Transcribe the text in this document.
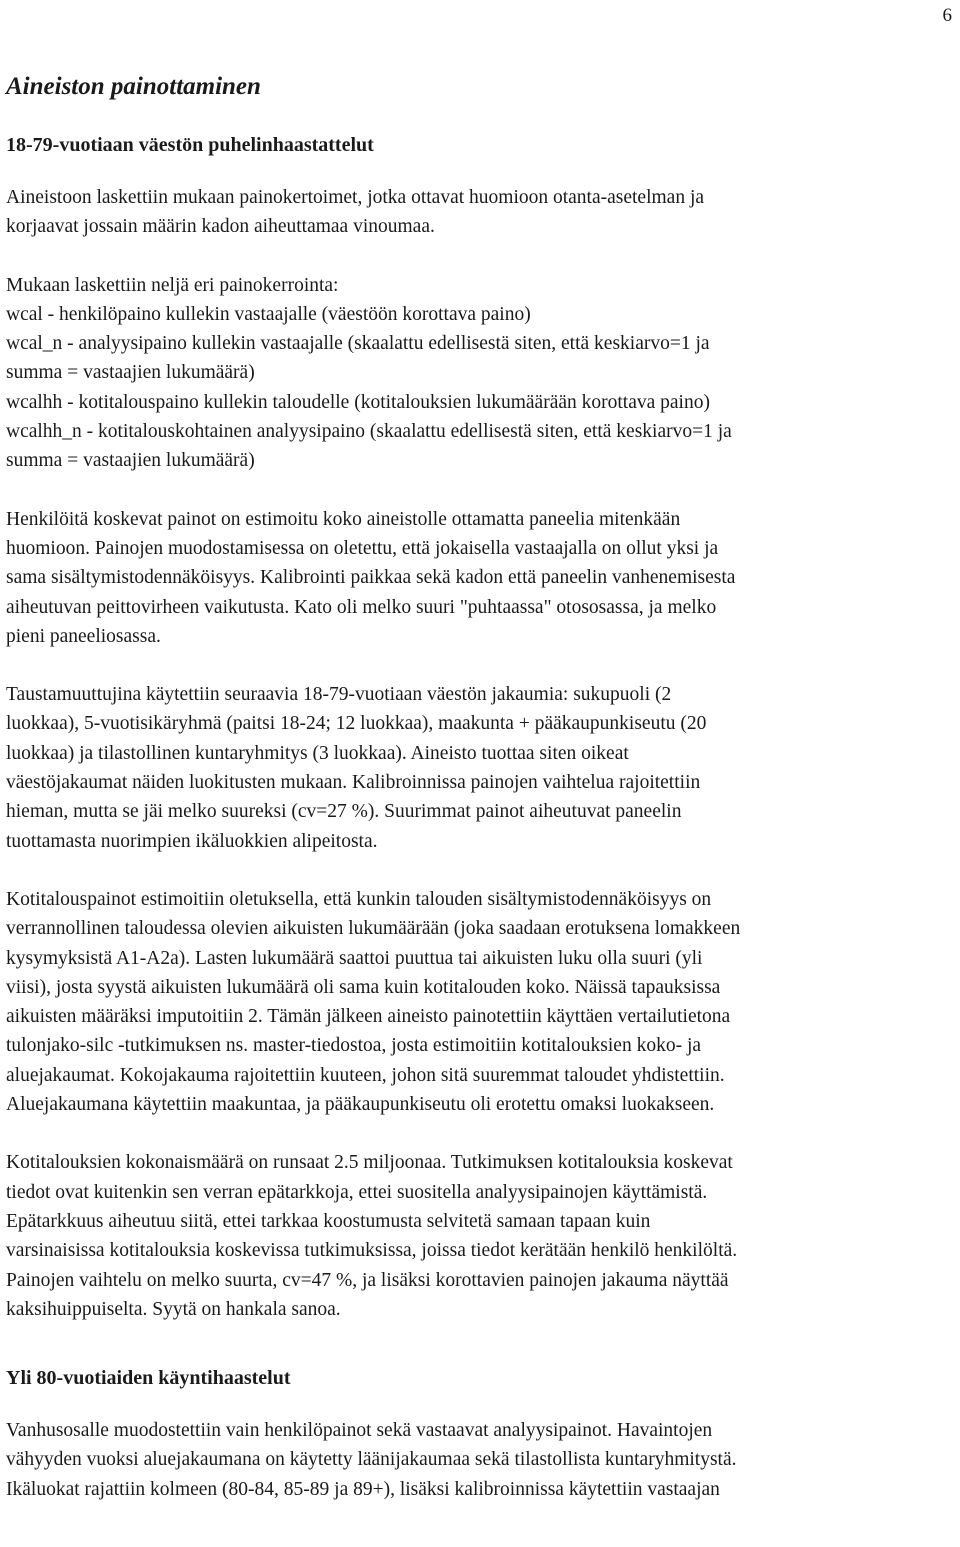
6
Aineiston painottaminen
18-79-vuotiaan väestön puhelinhaastattelut

Aineistoon laskettiin mukaan painokertoimet, jotka ottavat huomioon otanta-asetelman ja
korjaavat jossain määrin kadon aiheuttamaa vinoumaa.

Mukaan laskettiin neljä eri painokerrointa:
wcal - henkilöpaino kullekin vastaajalle (väestöön korottava paino)
wcal_n - analyysipaino kullekin vastaajalle (skaalattu edellisestä siten, että keskiarvo=1 ja
summa = vastaajien lukumäärä)
wcalhh - kotitalouspaino kullekin taloudelle (kotitalouksien lukumäärään korottava paino)
wcalhh_n - kotitalouskohtainen analyysipaino (skaalattu edellisestä siten, että keskiarvo=1 ja
summa = vastaajien lukumäärä)

Henkilöitä koskevat painot on estimoitu koko aineistolle ottamatta paneelia mitenkään
huomioon. Painojen muodostamisessa on oletettu, että jokaisella vastaajalla on ollut yksi ja
sama sisältymistodennäköisyys. Kalibrointi paikkaa sekä kadon että paneelin vanhenemisesta
aiheutuvan peittovirheen vaikutusta. Kato oli melko suuri "puhtaassa" otososassa, ja melko
pieni paneeliosassa.

Taustamuuttujina käytettiin seuraavia 18-79-vuotiaan väestön jakaumia: sukupuoli (2
luokkaa), 5-vuotisikäryhmä (paitsi 18-24; 12 luokkaa), maakunta + pääkaupunkiseutu (20
luokkaa) ja tilastollinen kuntaryhmitys (3 luokkaa). Aineisto tuottaa siten oikeat
väestöjakaumat näiden luokitusten mukaan. Kalibroinnissa painojen vaihtelua rajoitettiin
hieman, mutta se jäi melko suureksi (cv=27 %). Suurimmat painot aiheutuvat paneelin
tuottamasta nuorimpien ikäluokkien alipeitosta.

Kotitalouspainot estimoitiin oletuksella, että kunkin talouden sisältymistodennäköisyys on
verrannollinen taloudessa olevien aikuisten lukumäärään (joka saadaan erotuksena lomakkeen
kysymyksistä A1-A2a). Lasten lukumäärä saattoi puuttua tai aikuisten luku olla suuri (yli
viisi), josta syystä aikuisten lukumäärä oli sama kuin kotitalouden koko. Näissä tapauksissa
aikuisten määräksi imputoitiin 2. Tämän jälkeen aineisto painotettiin käyttäen vertailutietona
tulonjako-silc -tutkimuksen ns. master-tiedostoa, josta estimoitiin kotitalouksien koko- ja
aluejakaumat. Kokojakauma rajoitettiin kuuteen, johon sitä suuremmat taloudet yhdistettiin.
Aluejakaumana käytettiin maakuntaa, ja pääkaupunkiseutu oli erotettu omaksi luokakseen.

Kotitalouksien kokonaismäärä on runsaat 2.5 miljoonaa. Tutkimuksen kotitalouksia koskevat
tiedot ovat kuitenkin sen verran epätarkkoja, ettei suositella analyysipainojen käyttämistä.
Epätarkkuus aiheutuu siitä, ettei tarkkaa koostumusta selvitetä samaan tapaan kuin
varsinaisissa kotitalouksia koskevissa tutkimuksissa, joissa tiedot kerätään henkilö henkilöltä.
Painojen vaihtelu on melko suurta, cv=47 %, ja lisäksi korottavien painojen jakauma näyttää
kaksihuippuiselta. Syytä on hankala sanoa.

Yli 80-vuotiaiden käyntihaastelut

Vanhusosalle muodostettiin vain henkilöpainot sekä vastaavat analyysipainot. Havaintojen
vähyyden vuoksi aluejakaumana on käytetty läänijakaumaa sekä tilastollista kuntaryhmitystä.
Ikäluokat rajattiin kolmeen (80-84, 85-89 ja 89+), lisäksi kalibroinnissa käytettiin vastaajan
